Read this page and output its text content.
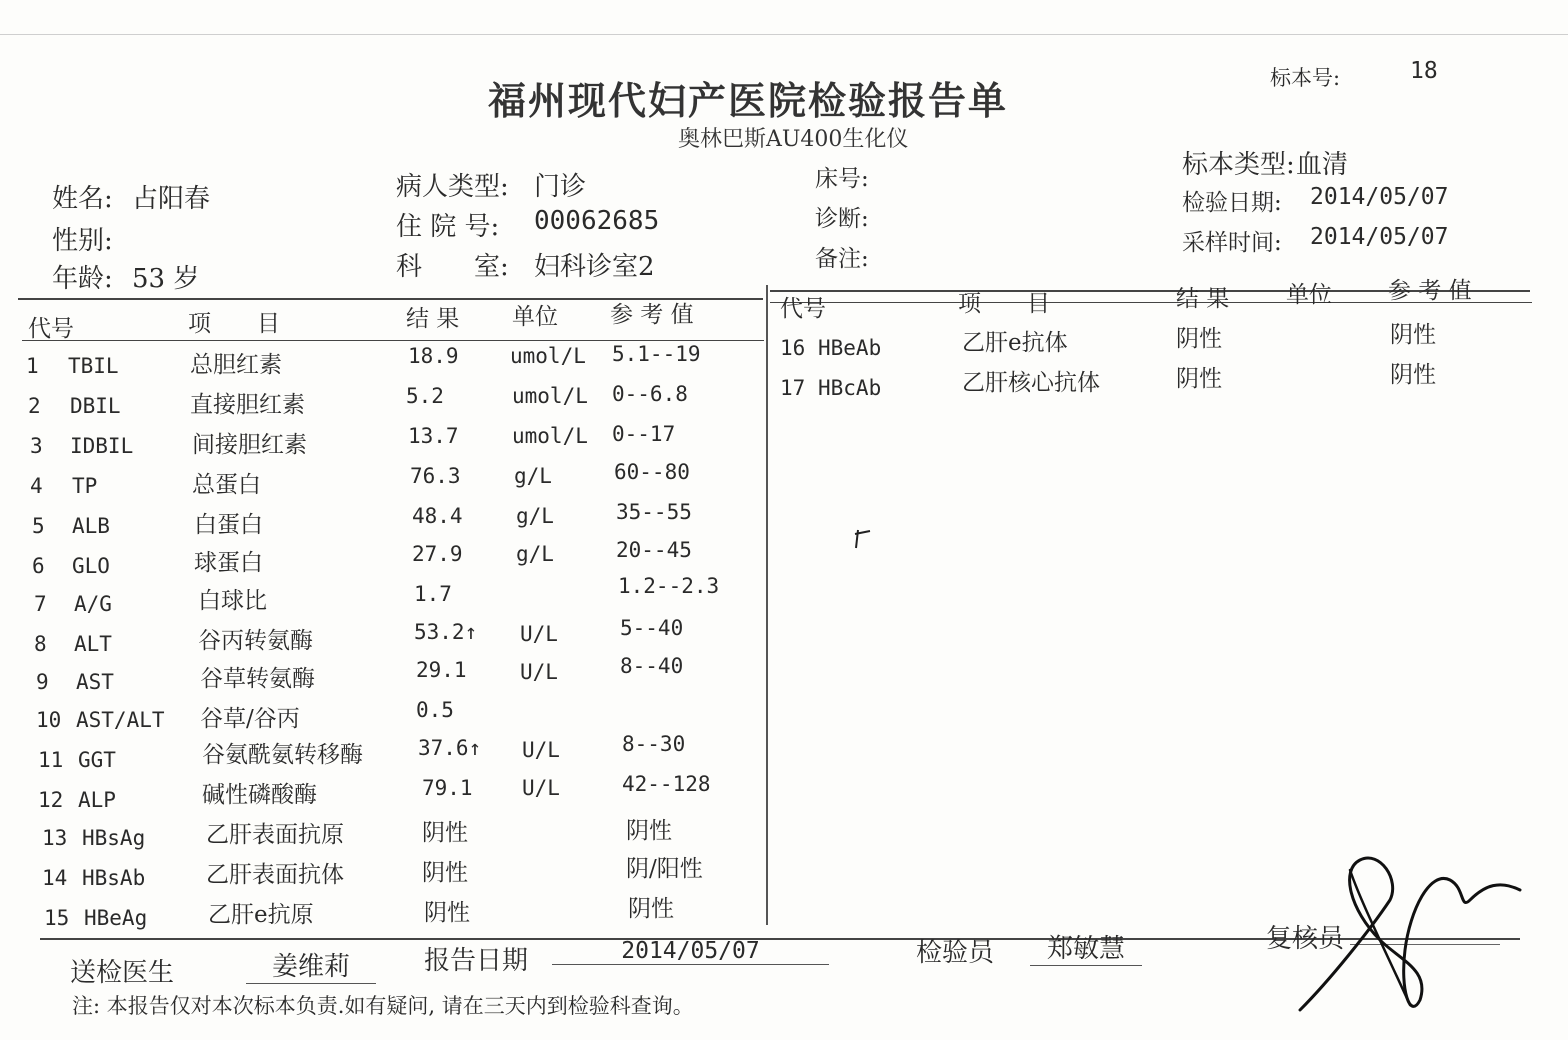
福州现代妇产医院检验报告单
奥林巴斯AU400生化仪
标本号:	18
姓名: 占阳春
性别:
年龄: 53 岁
病人类型: 门诊
住 院 号: 00062685
科　　室: 妇科诊室2
床号:
诊断:
备注:
标本类型: 血清
检验日期: 2014/05/07
采样时间: 2014/05/07
代号	项　　目	结 果 单位 参 考 值	代号	项　　目	结 果 单位 参 考 值
1 TBIL	总胆红素	18.9 umol/L 5.1--19
2 DBIL	直接胆红素	5.2	umol/L 0--6.8
3 IDBIL	间接胆红素	13.7	umol/L 0--17
4 TP	总蛋白	76.3	g/L	60--80
5 ALB	白蛋白	48.4	g/L	35--55
6 GLO	球蛋白	27.9	g/L	20--45
7 A/G	白球比	1.7	1.2--2.3
8 ALT	谷丙转氨酶	53.2↑ U/L	5--40
9 AST	谷草转氨酶	29.1	U/L	8--40
10 AST/ALT 谷草/谷丙	0.5
11 GGT	谷氨酰氨转移酶	37.6↑ U/L	8--30
12 ALP	碱性磷酸酶	79.1 U/L	42--128
13 HBsAg	乙肝表面抗原	阴性	阴性
14 HBsAb	乙肝表面抗体	阴性	阴/阳性
15 HBeAg	乙肝e抗原	阴性	阴性
16 HBeAb	乙肝e抗体	阴性	阴性
17 HBcAb	乙肝核心抗体	阴性	阴性
送检医生	姜维莉	报告日期	2014/05/07	检验员	郑敏慧	复核员
注: 本报告仅对本次标本负责.如有疑问, 请在三天内到检验科查询。
